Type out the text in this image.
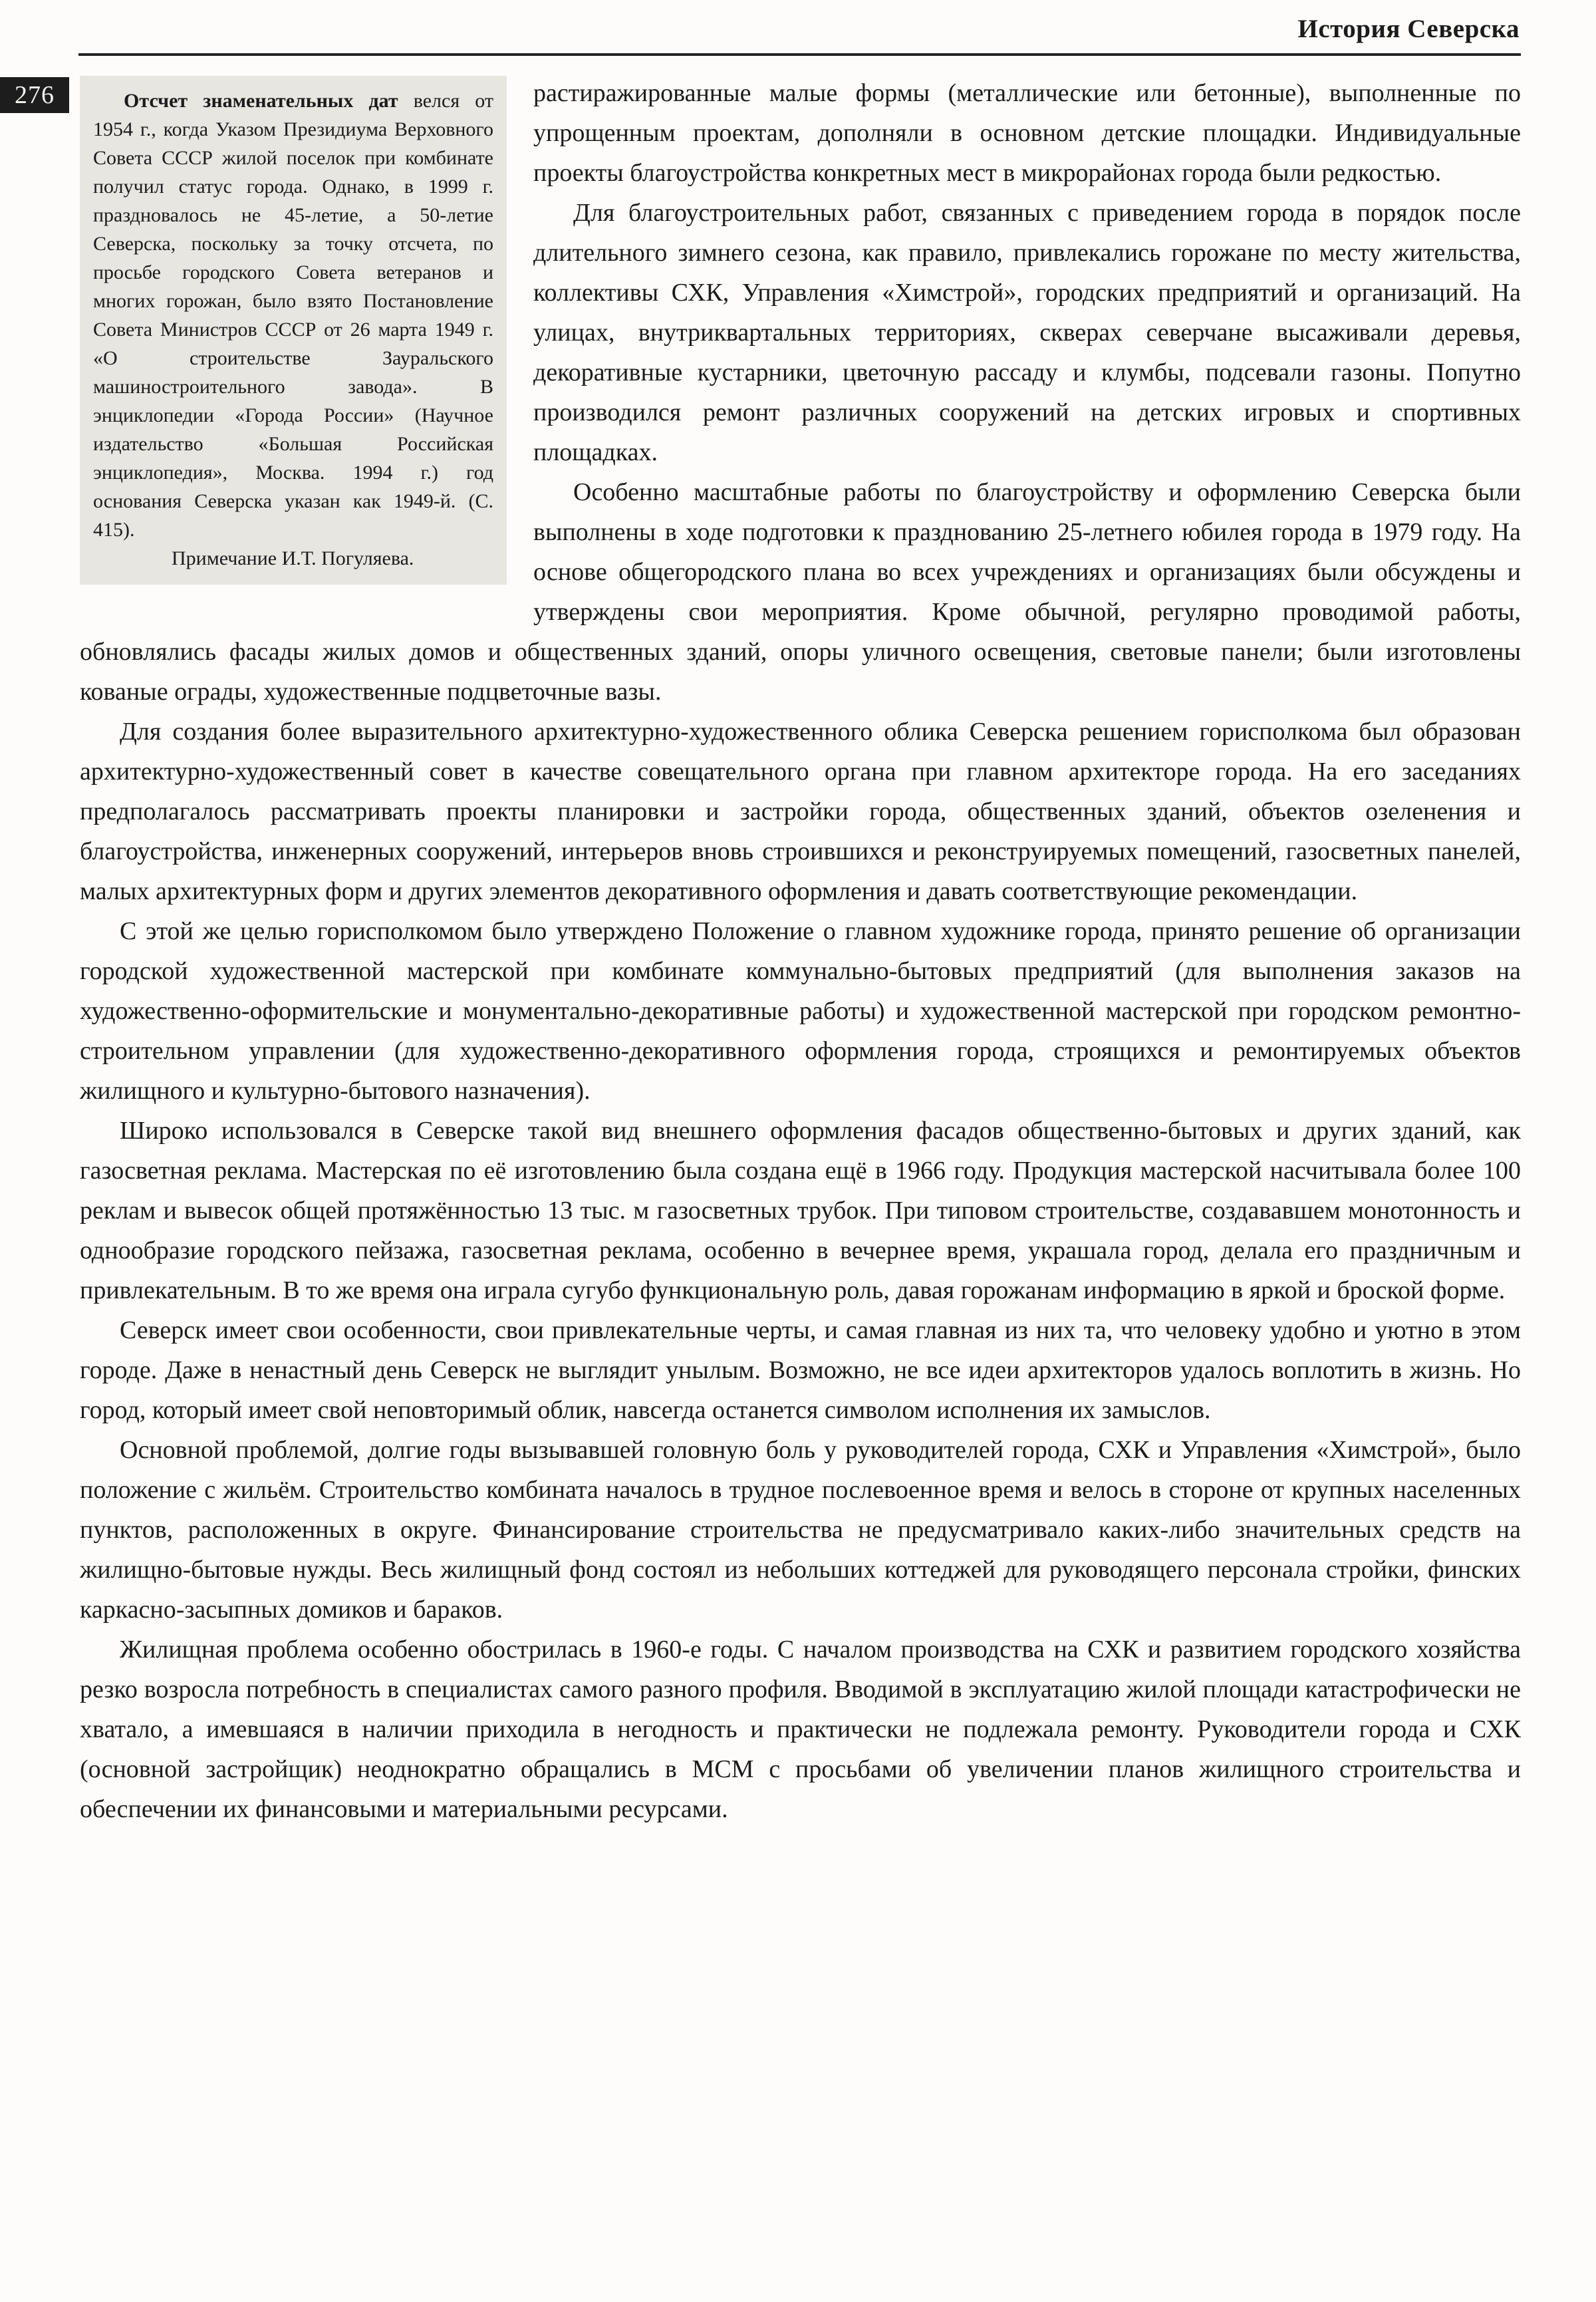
История Северска
276	Отсчет знаменательных дат велся от 1954 г., когда Указом Президиума Верховного Совета СССР жилой поселок при комбинате получил статус города. Однако, в 1999 г. праздновалось не 45-летие, а 50-летие Северска, поскольку за точку отсчета, по просьбе городского Совета ветеранов и многих горожан, было взято Постановление Совета Министров СССР от 26 марта 1949 г. «О строительстве Зауральского машиностроительного завода». В энциклопедии «Города России» (Научное издательство «Большая Российская энциклопедия», Москва. 1994 г.) год основания Северска указан как 1949-й. (С. 415).

Примечание И.Т. Погуляева.

растиражированные малые формы (металлические или бетонные), выполненные по упрощенным проектам, дополняли в основном детские площадки. Индивидуальные проекты благоустройства конкретных мест в микрорайонах города были редкостью.

Для благоустроительных работ, связанных с приведением города в порядок после длительного зимнего сезона, как правило, привлекались горожане по месту жительства, коллективы СХК, Управления «Химстрой», городских предприятий и организаций. На улицах, внутриквартальных территориях, скверах северчане высаживали деревья, декоративные кустарники, цветочную рассаду и клумбы, подсевали газоны. Попутно производился ремонт различных сооружений на детских игровых и спортивных площадках.

Особенно масштабные работы по благоустройству и оформлению Северска были выполнены в ходе подготовки к празднованию 25-летнего юбилея города в 1979 году. На основе общегородского плана во всех учреждениях и организациях были обсуждены и утверждены свои мероприятия. Кроме обычной, регулярно проводимой работы, обновлялись фасады жилых домов и общественных зданий, опоры уличного освещения, световые панели; были изготовлены кованые ограды, художественные подцветочные вазы.

Для создания более выразительного архитектурно-художественного облика Северска решением горисполкома был образован архитектурно-художественный совет в качестве совещательного органа при главном архитекторе города. На его заседаниях предполагалось рассматривать проекты планировки и застройки города, общественных зданий, объектов озеленения и благоустройства, инженерных сооружений, интерьеров вновь строившихся и реконструируемых помещений, газосветных панелей, малых архитектурных форм и других элементов декоративного оформления и давать соответствующие рекомендации.

С этой же целью горисполкомом было утверждено Положение о главном художнике города, принято решение об организации городской художественной мастерской при комбинате коммунально-бытовых предприятий (для выполнения заказов на художественно-оформительские и монументально-декоративные работы) и художественной мастерской при городском ремонтно-строительном управлении (для художественно-декоративного оформления города, строящихся и ремонтируемых объектов жилищного и культурно-бытового назначения).

Широко использовался в Северске такой вид внешнего оформления фасадов общественно-бытовых и других зданий, как газосветная реклама. Мастерская по её изготовлению была создана ещё в 1966 году. Продукция мастерской насчитывала более 100 реклам и вывесок общей протяжённостью 13 тыс. м газосветных трубок. При типовом строительстве, создававшем монотонность и однообразие городского пейзажа, газосветная реклама, особенно в вечернее время, украшала город, делала его праздничным и привлекательным. В то же время она играла сугубо функциональную роль, давая горожанам информацию в яркой и броской форме.

Северск имеет свои особенности, свои привлекательные черты, и самая главная из них та, что человеку удобно и уютно в этом городе. Даже в ненастный день Северск не выглядит унылым. Возможно, не все идеи архитекторов удалось воплотить в жизнь. Но город, который имеет свой неповторимый облик, навсегда останется символом исполнения их замыслов.

Основной проблемой, долгие годы вызывавшей головную боль у руководителей города, СХК и Управления «Химстрой», было положение с жильём. Строительство комбината началось в трудное послевоенное время и велось в стороне от крупных населенных пунктов, расположенных в округе. Финансирование строительства не предусматривало каких-либо значительных средств на жилищно-бытовые нужды. Весь жилищный фонд состоял из небольших коттеджей для руководящего персонала стройки, финских каркасно-засыпных домиков и бараков.

Жилищная проблема особенно обострилась в 1960-е годы. С началом производства на СХК и развитием городского хозяйства резко возросла потребность в специалистах самого разного профиля. Вводимой в эксплуатацию жилой площади катастрофически не хватало, а имевшаяся в наличии приходила в негодность и практически не подлежала ремонту. Руководители города и СХК (основной застройщик) неоднократно обращались в МСМ с просьбами об увеличении планов жилищного строительства и обеспечении их финансовыми и материальными ресурсами.
